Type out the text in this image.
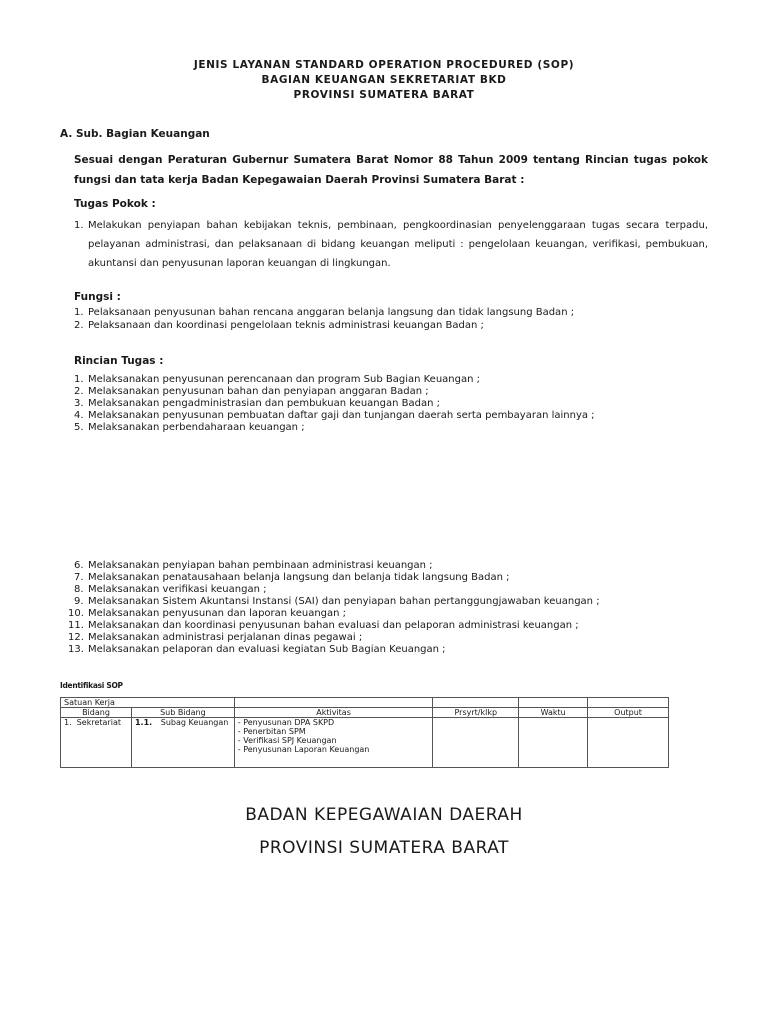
JENIS LAYANAN STANDARD OPERATION PROCEDURED (SOP)
BAGIAN KEUANGAN SEKRETARIAT BKD
PROVINSI SUMATERA BARAT
A. Sub. Bagian Keuangan
Sesuai dengan Peraturan Gubernur Sumatera Barat Nomor 88 Tahun 2009 tentang Rincian tugas pokok fungsi dan tata kerja Badan Kepegawaian Daerah Provinsi Sumatera Barat :
Tugas Pokok :
1. Melakukan penyiapan bahan kebijakan teknis, pembinaan, pengkoordinasian penyelenggaraan tugas secara terpadu, pelayanan administrasi, dan pelaksanaan di bidang keuangan meliputi : pengelolaan keuangan, verifikasi, pembukuan, akuntansi dan penyusunan laporan keuangan di lingkungan.
Fungsi :
1. Pelaksanaan penyusunan bahan rencana anggaran belanja langsung dan tidak langsung Badan ;
2. Pelaksanaan dan koordinasi pengelolaan teknis administrasi keuangan Badan ;
Rincian Tugas :
1. Melaksanakan penyusunan perencanaan dan program Sub Bagian Keuangan ;
2. Melaksanakan penyusunan bahan dan penyiapan anggaran Badan ;
3. Melaksanakan pengadministrasian dan pembukuan keuangan Badan ;
4. Melaksanakan penyusunan pembuatan daftar gaji dan tunjangan daerah serta pembayaran lainnya ;
5. Melaksanakan perbendaharaan keuangan ;
6. Melaksanakan penyiapan bahan pembinaan administrasi keuangan ;
7. Melaksanakan penatausahaan belanja langsung dan belanja tidak langsung Badan ;
8. Melaksanakan verifikasi keuangan ;
9. Melaksanakan Sistem Akuntansi Instansi (SAI) dan penyiapan bahan pertanggungjawaban keuangan ;
10. Melaksanakan penyusunan dan laporan keuangan ;
11. Melaksanakan dan koordinasi penyusunan bahan evaluasi dan pelaporan administrasi keuangan ;
12. Melaksanakan administrasi perjalanan dinas pegawai ;
13. Melaksanakan pelaporan dan evaluasi kegiatan Sub Bagian Keuangan ;
Identifikasi SOP
Satuan Kerja					
Bidang	Sub Bidang	Aktivitas	Prsyrt/klkp	Waktu	Output
1.  Sekretariat	1.1. Subag Keuangan	- Penyusunan DPA SKPD
- Penerbitan SPM
- Verifikasi SPJ Keuangan
- Penyusunan Laporan Keuangan			

BADAN KEPEGAWAIAN DAERAH
PROVINSI SUMATERA BARAT
